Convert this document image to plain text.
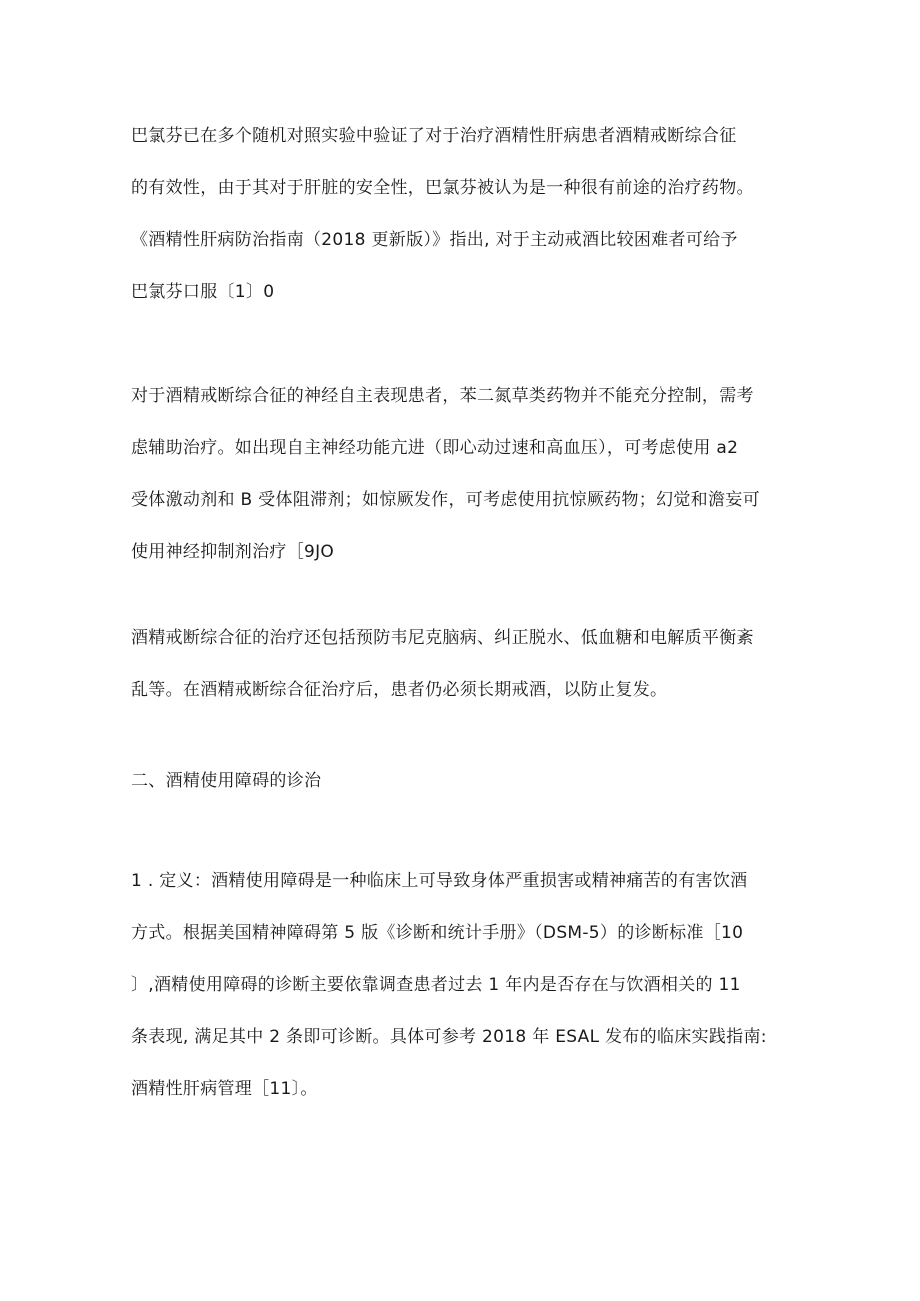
巴氯芬已在多个随机对照实验中验证了对于治疗酒精性肝病患者酒精戒断综合征
的有效性，由于其对于肝脏的安全性，巴氯芬被认为是一种很有前途的治疗药物。
《酒精性肝病防治指南（2018 更新版）》指出, 对于主动戒酒比较困难者可给予
巴氯芬口服〔1〕0
对于酒精戒断综合征的神经自主表现患者，苯二氮草类药物并不能充分控制，需考
虑辅助治疗。如出现自主神经功能亢进（即心动过速和高血压），可考虑使用 a2
受体激动剂和 B 受体阻滞剂；如惊厥发作，可考虑使用抗惊厥药物；幻觉和澹妄可
使用神经抑制剂治疗［9JO
酒精戒断综合征的治疗还包括预防韦尼克脑病、纠正脱水、低血糖和电解质平衡紊
乱等。在酒精戒断综合征治疗后，患者仍必须长期戒酒，以防止复发。
二、酒精使用障碍的诊治
1 . 定义：酒精使用障碍是一种临床上可导致身体严重损害或精神痛苦的有害饮酒
方式。根据美国精神障碍第 5 版《诊断和统计手册》（DSM-5）的诊断标准［10
〕,酒精使用障碍的诊断主要依靠调查患者过去 1 年内是否存在与饮酒相关的 11
条表现, 满足其中 2 条即可诊断。具体可参考 2018 年 ESAL 发布的临床实践指南:
酒精性肝病管理［11〕。
